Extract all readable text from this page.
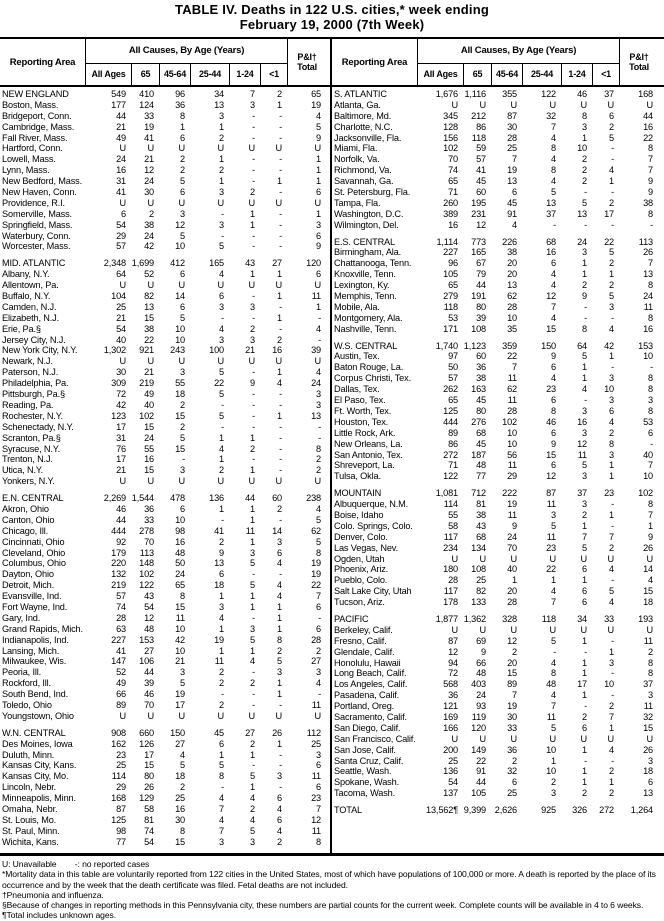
TABLE IV. Deaths in 122 U.S. cities,* week ending
February 19, 2000 (7th Week)
Reporting Area
All Causes, By Age (Years)
P&I†
Total
All Ages	65	45-64	25-44	1-24	<1
Reporting Area
All Causes, By Age (Years)
P&I†
Total
All Ages	65	45-64	25-44	1-24	<1
NEW ENGLAND	549	410	96	34	7	2	65
Boston, Mass.	177	124	36	13	3	1	19
Bridgeport, Conn.	44	33	8	3	-	-	4
Cambridge, Mass.	21	19	1	1	-	-	5
Fall River, Mass.	49	41	6	2	-	-	9
Hartford, Conn.	U	U	U	U	U	U	U
Lowell, Mass.	24	21	2	1	-	-	1
Lynn, Mass.	16	12	2	2	-	-	1
New Bedford, Mass.	31	24	5	1	-	1	1
New Haven, Conn.	41	30	6	3	2	-	6
Providence, R.I.	U	U	U	U	U	U	U
Somerville, Mass.	6	2	3	-	1	-	1
Springfield, Mass.	54	38	12	3	1	-	3
Waterbury, Conn.	29	24	5	-	-	-	6
Worcester, Mass.	57	42	10	5	-	-	9
MID. ATLANTIC	2,348 1,699	412	165	43	27	120
Albany, N.Y.	64	52	6	4	1	1	6
Allentown, Pa.	U	U	U	U	U	U	U
Buffalo, N.Y.	104	82	14	6	-	1	11
Camden, N.J.	25	13	6	3	3	-	1
Elizabeth, N.J.	21	15	5	-	-	1	-
Erie, Pa.§	54	38	10	4	2	-	4
Jersey City, N.J.	40	22	10	3	3	2	-
New York City, N.Y.	1,302	921	243	100	21	16	39
Newark, N.J.	U	U	U	U	U	U	U
Paterson, N.J.	30	21	3	5	-	1	4
Philadelphia, Pa.	309	219	55	22	9	4	24
Pittsburgh, Pa.§	72	49	18	5	-	-	3
Reading, Pa.	42	40	2	-	-	-	3
Rochester, N.Y.	123	102	15	5	-	1	13
Schenectady, N.Y.	17	15	2	-	-	-	-
Scranton, Pa.§	31	24	5	1	1	-	-
Syracuse, N.Y.	76	55	15	4	2	-	8
Trenton, N.J.	17	16	-	1	-	-	2
Utica, N.Y.	21	15	3	2	1	-	2
Yonkers, N.Y.	U	U	U	U	U	U	U
E.N. CENTRAL	2,269 1,544	478	136	44	60	238
Akron, Ohio	46	36	6	1	1	2	4
Canton, Ohio	44	33	10	-	1	-	5
Chicago, Ill.	444	278	98	41	11	14	62
Cincinnati, Ohio	92	70	16	2	1	3	5
Cleveland, Ohio	179	113	48	9	3	6	8
Columbus, Ohio	220	148	50	13	5	4	19
Dayton, Ohio	132	102	24	6	-	-	19
Detroit, Mich.	219	122	65	18	5	4	22
Evansville, Ind.	57	43	8	1	1	4	7
Fort Wayne, Ind.	74	54	15	3	1	1	6
Gary, Ind.	28	12	11	4	-	1	-
Grand Rapids, Mich.	63	48	10	1	3	1	6
Indianapolis, Ind.	227	153	42	19	5	8	28
Lansing, Mich.	41	27	10	1	1	2	2
Milwaukee, Wis.	147	106	21	11	4	5	27
Peoria, Ill.	52	44	3	2	-	3	3
Rockford, Ill.	49	39	5	2	2	1	4
South Bend, Ind.	66	46	19	-	-	1	-
Toledo, Ohio	89	70	17	2	-	-	11
Youngstown, Ohio	U	U	U	U	U	U	U
W.N. CENTRAL	908	660	150	45	27	26	112
Des Moines, Iowa	162	126	27	6	2	1	25
Duluth, Minn.	23	17	4	1	1	-	3
Kansas City, Kans.	25	15	5	5	-	-	6
Kansas City, Mo.	114	80	18	8	5	3	11
Lincoln, Nebr.	29	26	2	-	1	-	6
Minneapolis, Minn.	168	129	25	4	4	6	23
Omaha, Nebr.	87	58	16	7	2	4	7
St. Louis, Mo.	125	81	30	4	4	6	12
St. Paul, Minn.	98	74	8	7	5	4	11
Wichita, Kans.	77	54	15	3	3	2	8
S. ATLANTIC	1,676 1,116	355	122	46	37	168
Atlanta, Ga.	U	U	U	U	U	U	U
Baltimore, Md.	345	212	87	32	8	6	44
Charlotte, N.C.	128	86	30	7	3	2	16
Jacksonville, Fla.	156	118	28	4	1	5	22
Miami, Fla.	102	59	25	8	10	-	8
Norfolk, Va.	70	57	7	4	2	-	7
Richmond, Va.	74	41	19	8	2	4	7
Savannah, Ga.	65	45	13	4	2	1	9
St. Petersburg, Fla.	71	60	6	5	-	-	9
Tampa, Fla.	260	195	45	13	5	2	38
Washington, D.C.	389	231	91	37	13	17	8
Wilmington, Del.	16	12	4	-	-	-	-
E.S. CENTRAL	1,114	773	226	68	24	22	113
Birmingham, Ala.	227	165	38	16	3	5	26
Chattanooga, Tenn.	96	67	20	6	1	2	7
Knoxville, Tenn.	105	79	20	4	1	1	13
Lexington, Ky.	65	44	13	4	2	2	8
Memphis, Tenn.	279	191	62	12	9	5	24
Mobile, Ala.	118	80	28	7	-	3	11
Montgomery, Ala.	53	39	10	4	-	-	8
Nashville, Tenn.	171	108	35	15	8	4	16
W.S. CENTRAL	1,740 1,123	359	150	64	42	153
Austin, Tex.	97	60	22	9	5	1	10
Baton Rouge, La.	50	36	7	6	1	-	-
Corpus Christi, Tex.	57	38	11	4	1	3	8
Dallas, Tex.	262	163	62	23	4	10	8
El Paso, Tex.	65	45	11	6	-	3	3
Ft. Worth, Tex.	125	80	28	8	3	6	8
Houston, Tex.	444	276	102	46	16	4	53
Little Rock, Ark.	89	68	10	6	3	2	6
New Orleans, La.	86	45	10	9	12	8	-
San Antonio, Tex.	272	187	56	15	11	3	40
Shreveport, La.	71	48	11	6	5	1	7
Tulsa, Okla.	122	77	29	12	3	1	10
MOUNTAIN	1,081	712	222	87	37	23	102
Albuquerque, N.M.	114	81	19	11	3	-	8
Boise, Idaho	55	38	11	3	2	1	7
Colo. Springs, Colo.	58	43	9	5	1	-	1
Denver, Colo.	117	68	24	11	7	7	9
Las Vegas, Nev.	234	134	70	23	5	2	26
Ogden, Utah	U	U	U	U	U	U	U
Phoenix, Ariz.	180	108	40	22	6	4	14
Pueblo, Colo.	28	25	1	1	1	-	4
Salt Lake City, Utah	117	82	20	4	6	5	15
Tucson, Ariz.	178	133	28	7	6	4	18
PACIFIC	1,877 1,362	328	118	34	33	193
Berkeley, Calif.	U	U	U	U	U	U	U
Fresno, Calif.	87	69	12	5	1	-	11
Glendale, Calif.	12	9	2	-	-	1	2
Honolulu, Hawaii	94	66	20	4	1	3	8
Long Beach, Calif.	72	48	15	8	1	-	8
Los Angeles, Calif.	568	403	89	48	17	10	37
Pasadena, Calif.	36	24	7	4	1	-	3
Portland, Oreg.	121	93	19	7	-	2	11
Sacramento, Calif.	169	119	30	11	2	7	32
San Diego, Calif.	166	120	33	5	6	1	15
San Francisco, Calif.	U	U	U	U	U	U	U
San Jose, Calif.	200	149	36	10	1	4	26
Santa Cruz, Calif.	25	22	2	1	-	-	3
Seattle, Wash.	136	91	32	10	1	2	18
Spokane, Wash.	54	44	6	2	1	1	6
Tacoma, Wash.	137	105	25	3	2	2	13
TOTAL	13,562¶ 9,399 2,626	925	326	272	1,264
U: Unavailable        -: no reported cases
*Mortality data in this table are voluntarily reported from 122 cities in the United States, most of which have populations of 100,000 or more. A death is reported by the place of its occurrence and by the week that the death certificate was filed. Fetal deaths are not included.
†Pneumonia and influenza.
§Because of changes in reporting methods in this Pennsylvania city, these numbers are partial counts for the current week. Complete counts will be available in 4 to 6 weeks.
¶Total includes unknown ages.
